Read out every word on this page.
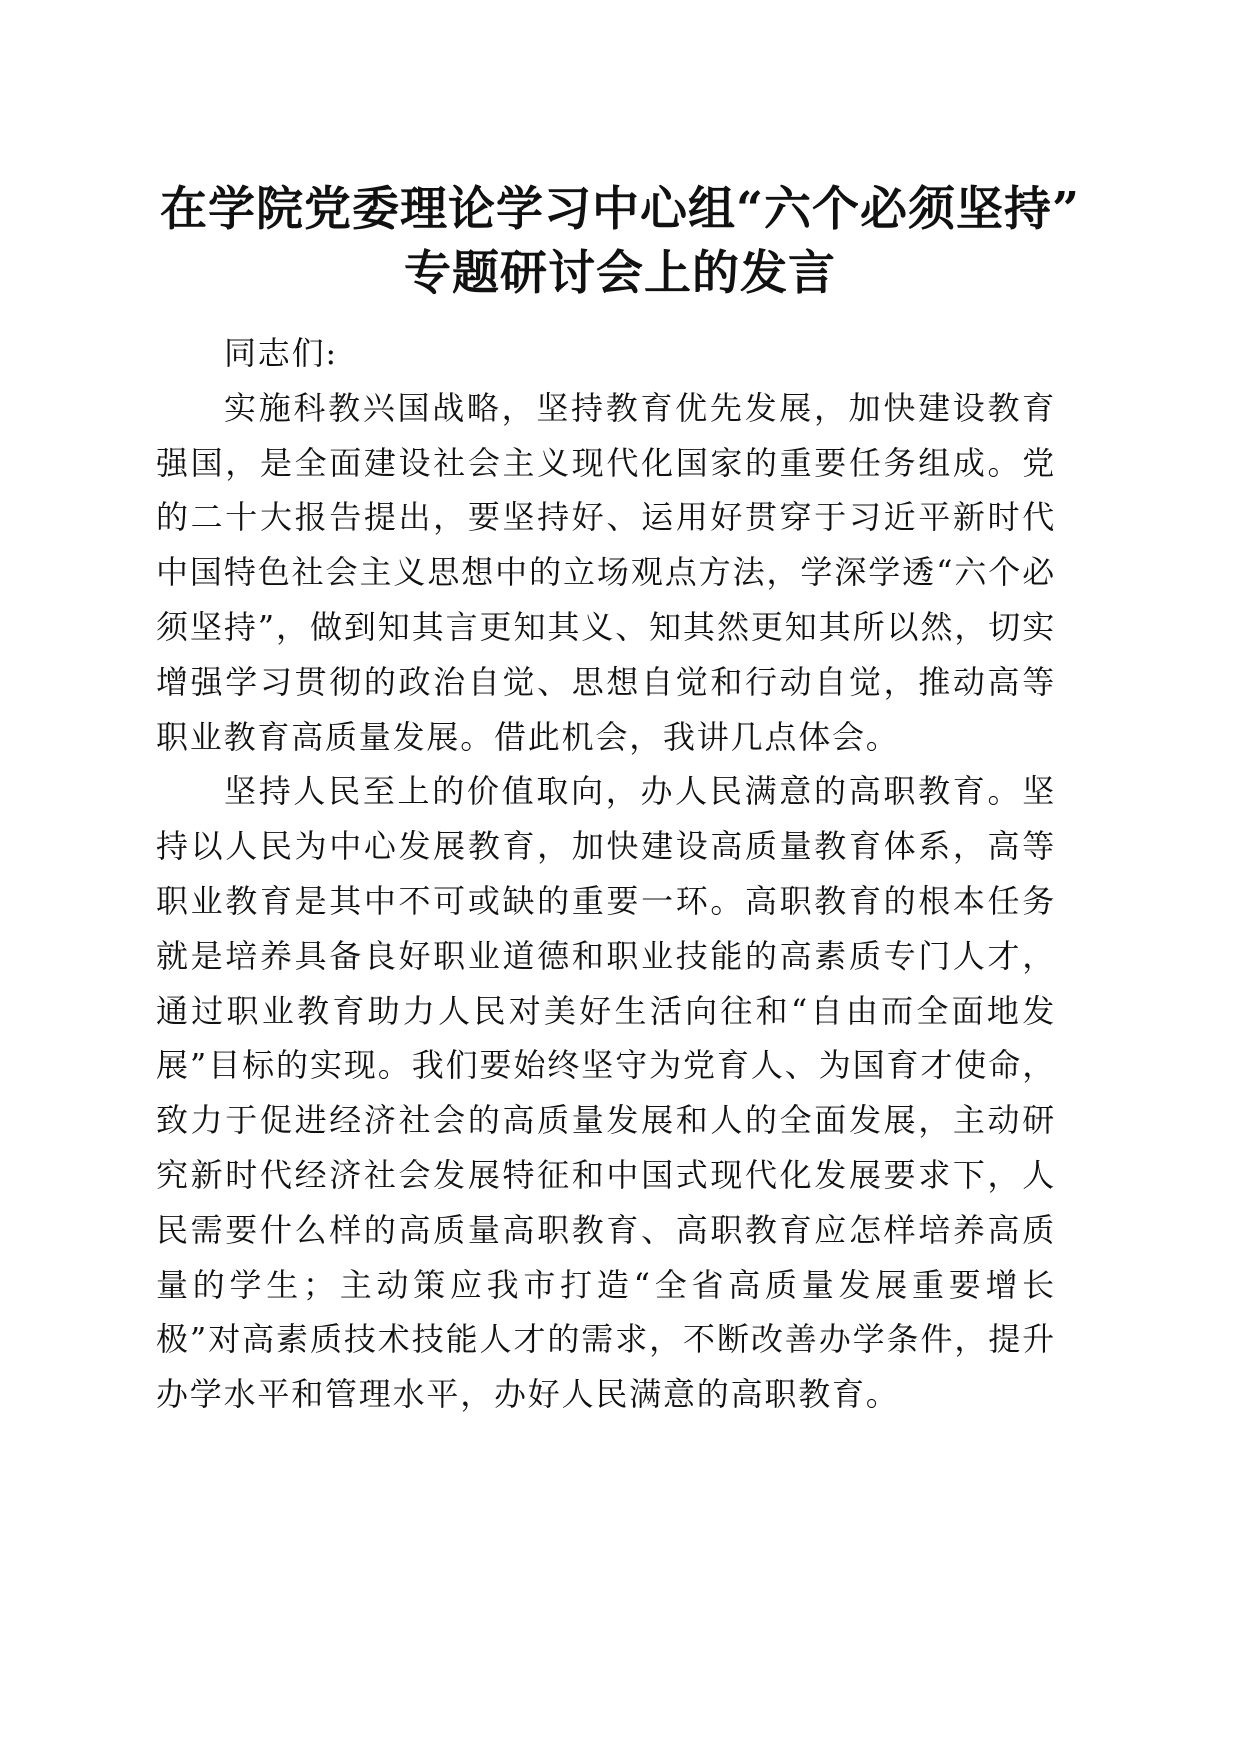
在学院党委理论学习中心组“六个必须坚持”
专题研讨会上的发言

同志们:

实施科教兴国战略，坚持教育优先发展，加快建设教育强国，是全面建设社会主义现代化国家的重要任务组成。党的二十大报告提出，要坚持好、运用好贯穿于习近平新时代中国特色社会主义思想中的立场观点方法，学深学透“六个必须坚持”，做到知其言更知其义、知其然更知其所以然，切实增强学习贯彻的政治自觉、思想自觉和行动自觉，推动高等职业教育高质量发展。借此机会，我讲几点体会。

坚持人民至上的价值取向，办人民满意的高职教育。坚持以人民为中心发展教育，加快建设高质量教育体系，高等职业教育是其中不可或缺的重要一环。高职教育的根本任务就是培养具备良好职业道德和职业技能的高素质专门人才，通过职业教育助力人民对美好生活向往和“自由而全面地发展”目标的实现。我们要始终坚守为党育人、为国育才使命，致力于促进经济社会的高质量发展和人的全面发展，主动研究新时代经济社会发展特征和中国式现代化发展要求下，人民需要什么样的高质量高职教育、高职教育应怎样培养高质量的学生；主动策应我市打造“全省高质量发展重要增长极”对高素质技术技能人才的需求，不断改善办学条件，提升办学水平和管理水平，办好人民满意的高职教育。
